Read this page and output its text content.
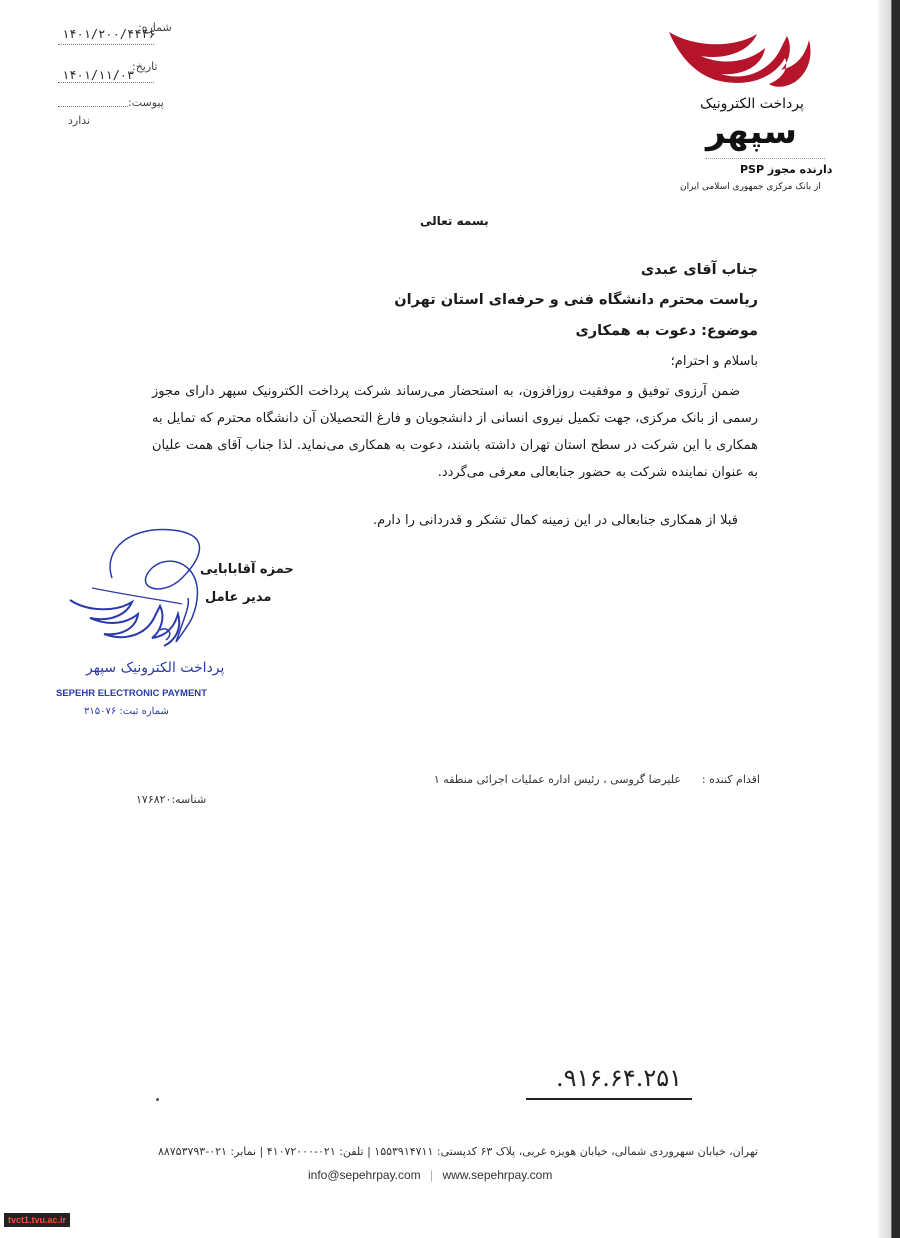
شماره:
۱۴۰۱/۲۰۰/۴۴۴۶
تاریخ:
۱۴۰۱/۱۱/۰۳
پیوست:
ندارد
پرداخت الکترونیک
سپهر
دارنده مجوز PSP
از بانک مرکزی جمهوری اسلامی ایران
بسمه تعالی
جناب آقای عبدی
ریاست محترم دانشگاه فنی و حرفه‌ای استان تهران
موضوع: دعوت به همکاری
باسلام و احترام؛
ضمن آرزوی توفیق و موفقیت روزافزون، به استحضار می‌رساند شرکت پرداخت الکترونیک سپهر دارای مجوز رسمی از بانک مرکزی، جهت تکمیل نیروی انسانی از دانشجویان و فارغ التحصیلان آن دانشگاه محترم که تمایل به همکاری با این شرکت در سطح استان تهران داشته باشند، دعوت به همکاری می‌نماید. لذا جناب آقای همت علیان به عنوان نماینده شرکت به حضور جنابعالی معرفی می‌گردد.
قبلا از همکاری جنابعالی در این زمینه کمال تشکر و قدردانی را دارم.
حمزه آقابابایی
مدیر عامل
پرداخت الکترونیک سپهر
SEPEHR ELECTRONIC PAYMENT
شماره ثبت: ۳۱۵۰۷۶
اقدام کننده :  علیرضا گروسی ، رئیس اداره عملیات اجرائی منطقه ۱
شناسه:۱۷۶۸۲۰
.۹۱۶.۶۴.۲۵۱
تهران، خیابان سهروردی شمالی، خیابان هویزه غربی، پلاک ۶۳ کدپستی: ۱۵۵۳۹۱۴۷۱۱ | تلفن: ۰۲۱-۴۱۰۷۲۰۰۰ | نمابر: ۰۲۱-۸۸۷۵۳۷۹۳
info@sepehrpay.com | www.sepehrpay.com
tvct1.tvu.ac.ir
